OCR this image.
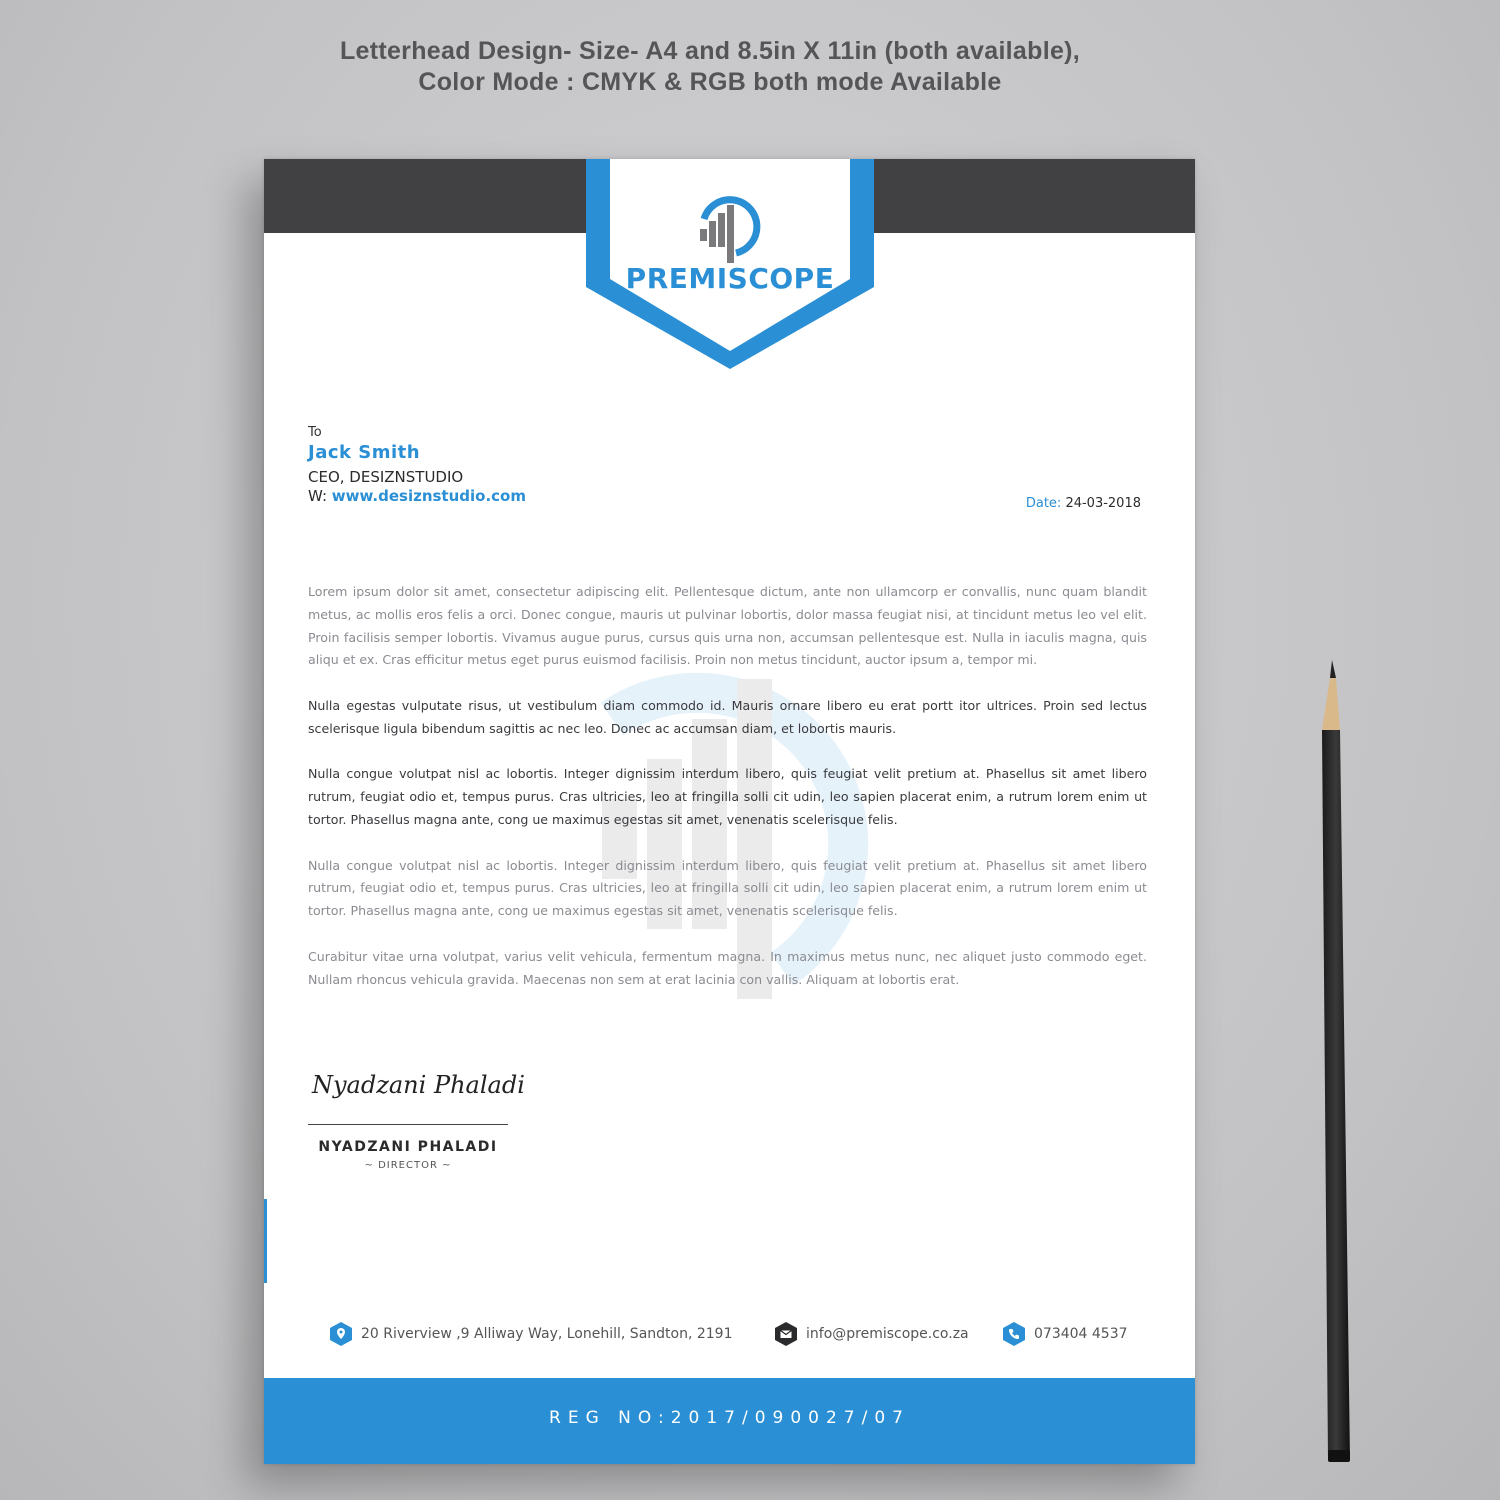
Letterhead Design- Size- A4 and 8.5in X 11in (both available),
Color Mode : CMYK & RGB both mode Available
PREMISCOPE
To
Jack Smith
CEO, DESIZNSTUDIO
W: www.desiznstudio.com	Date: 24-03-2018

Lorem ipsum dolor sit amet, consectetur adipiscing elit. Pellentesque dictum, ante non ullamcorp er convallis, nunc quam blandit metus, ac mollis eros felis a orci. Donec congue, mauris ut pulvinar lobortis, dolor massa feugiat nisi, at tincidunt metus leo vel elit. Proin facilisis semper lobortis. Vivamus augue purus, cursus quis urna non, accumsan pellentesque est. Nulla in iaculis magna, quis aliqu et ex. Cras efficitur metus eget purus euismod facilisis. Proin non metus tincidunt, auctor ipsum a, tempor mi.

Nulla egestas vulputate risus, ut vestibulum diam commodo id. Mauris ornare libero eu erat portt itor ultrices. Proin sed lectus scelerisque ligula bibendum sagittis ac nec leo. Donec ac accumsan diam, et lobortis mauris.

Nulla congue volutpat nisl ac lobortis. Integer dignissim interdum libero, quis feugiat velit pretium at. Phasellus sit amet libero rutrum, feugiat odio et, tempus purus. Cras ultricies, leo at fringilla solli cit udin, leo sapien placerat enim, a rutrum lorem enim ut tortor. Phasellus magna ante, cong ue maximus egestas sit amet, venenatis scelerisque felis.

Nulla congue volutpat nisl ac lobortis. Integer dignissim interdum libero, quis feugiat velit pretium at. Phasellus sit amet libero rutrum, feugiat odio et, tempus purus. Cras ultricies, leo at fringilla solli cit udin, leo sapien placerat enim, a rutrum lorem enim ut tortor. Phasellus magna ante, cong ue maximus egestas sit amet, venenatis scelerisque felis.

Curabitur vitae urna volutpat, varius velit vehicula, fermentum magna. In maximus metus nunc, nec aliquet justo commodo eget. Nullam rhoncus vehicula gravida. Maecenas non sem at erat lacinia con vallis. Aliquam at lobortis erat.

Nyadzani Phaladi
NYADZANI PHALADI
~ DIRECTOR ~
20 Riverview ,9 Alliway Way, Lonehill, Sandton, 2191	info@premiscope.co.za	073404 4537
REG NO:2017/090027/07
